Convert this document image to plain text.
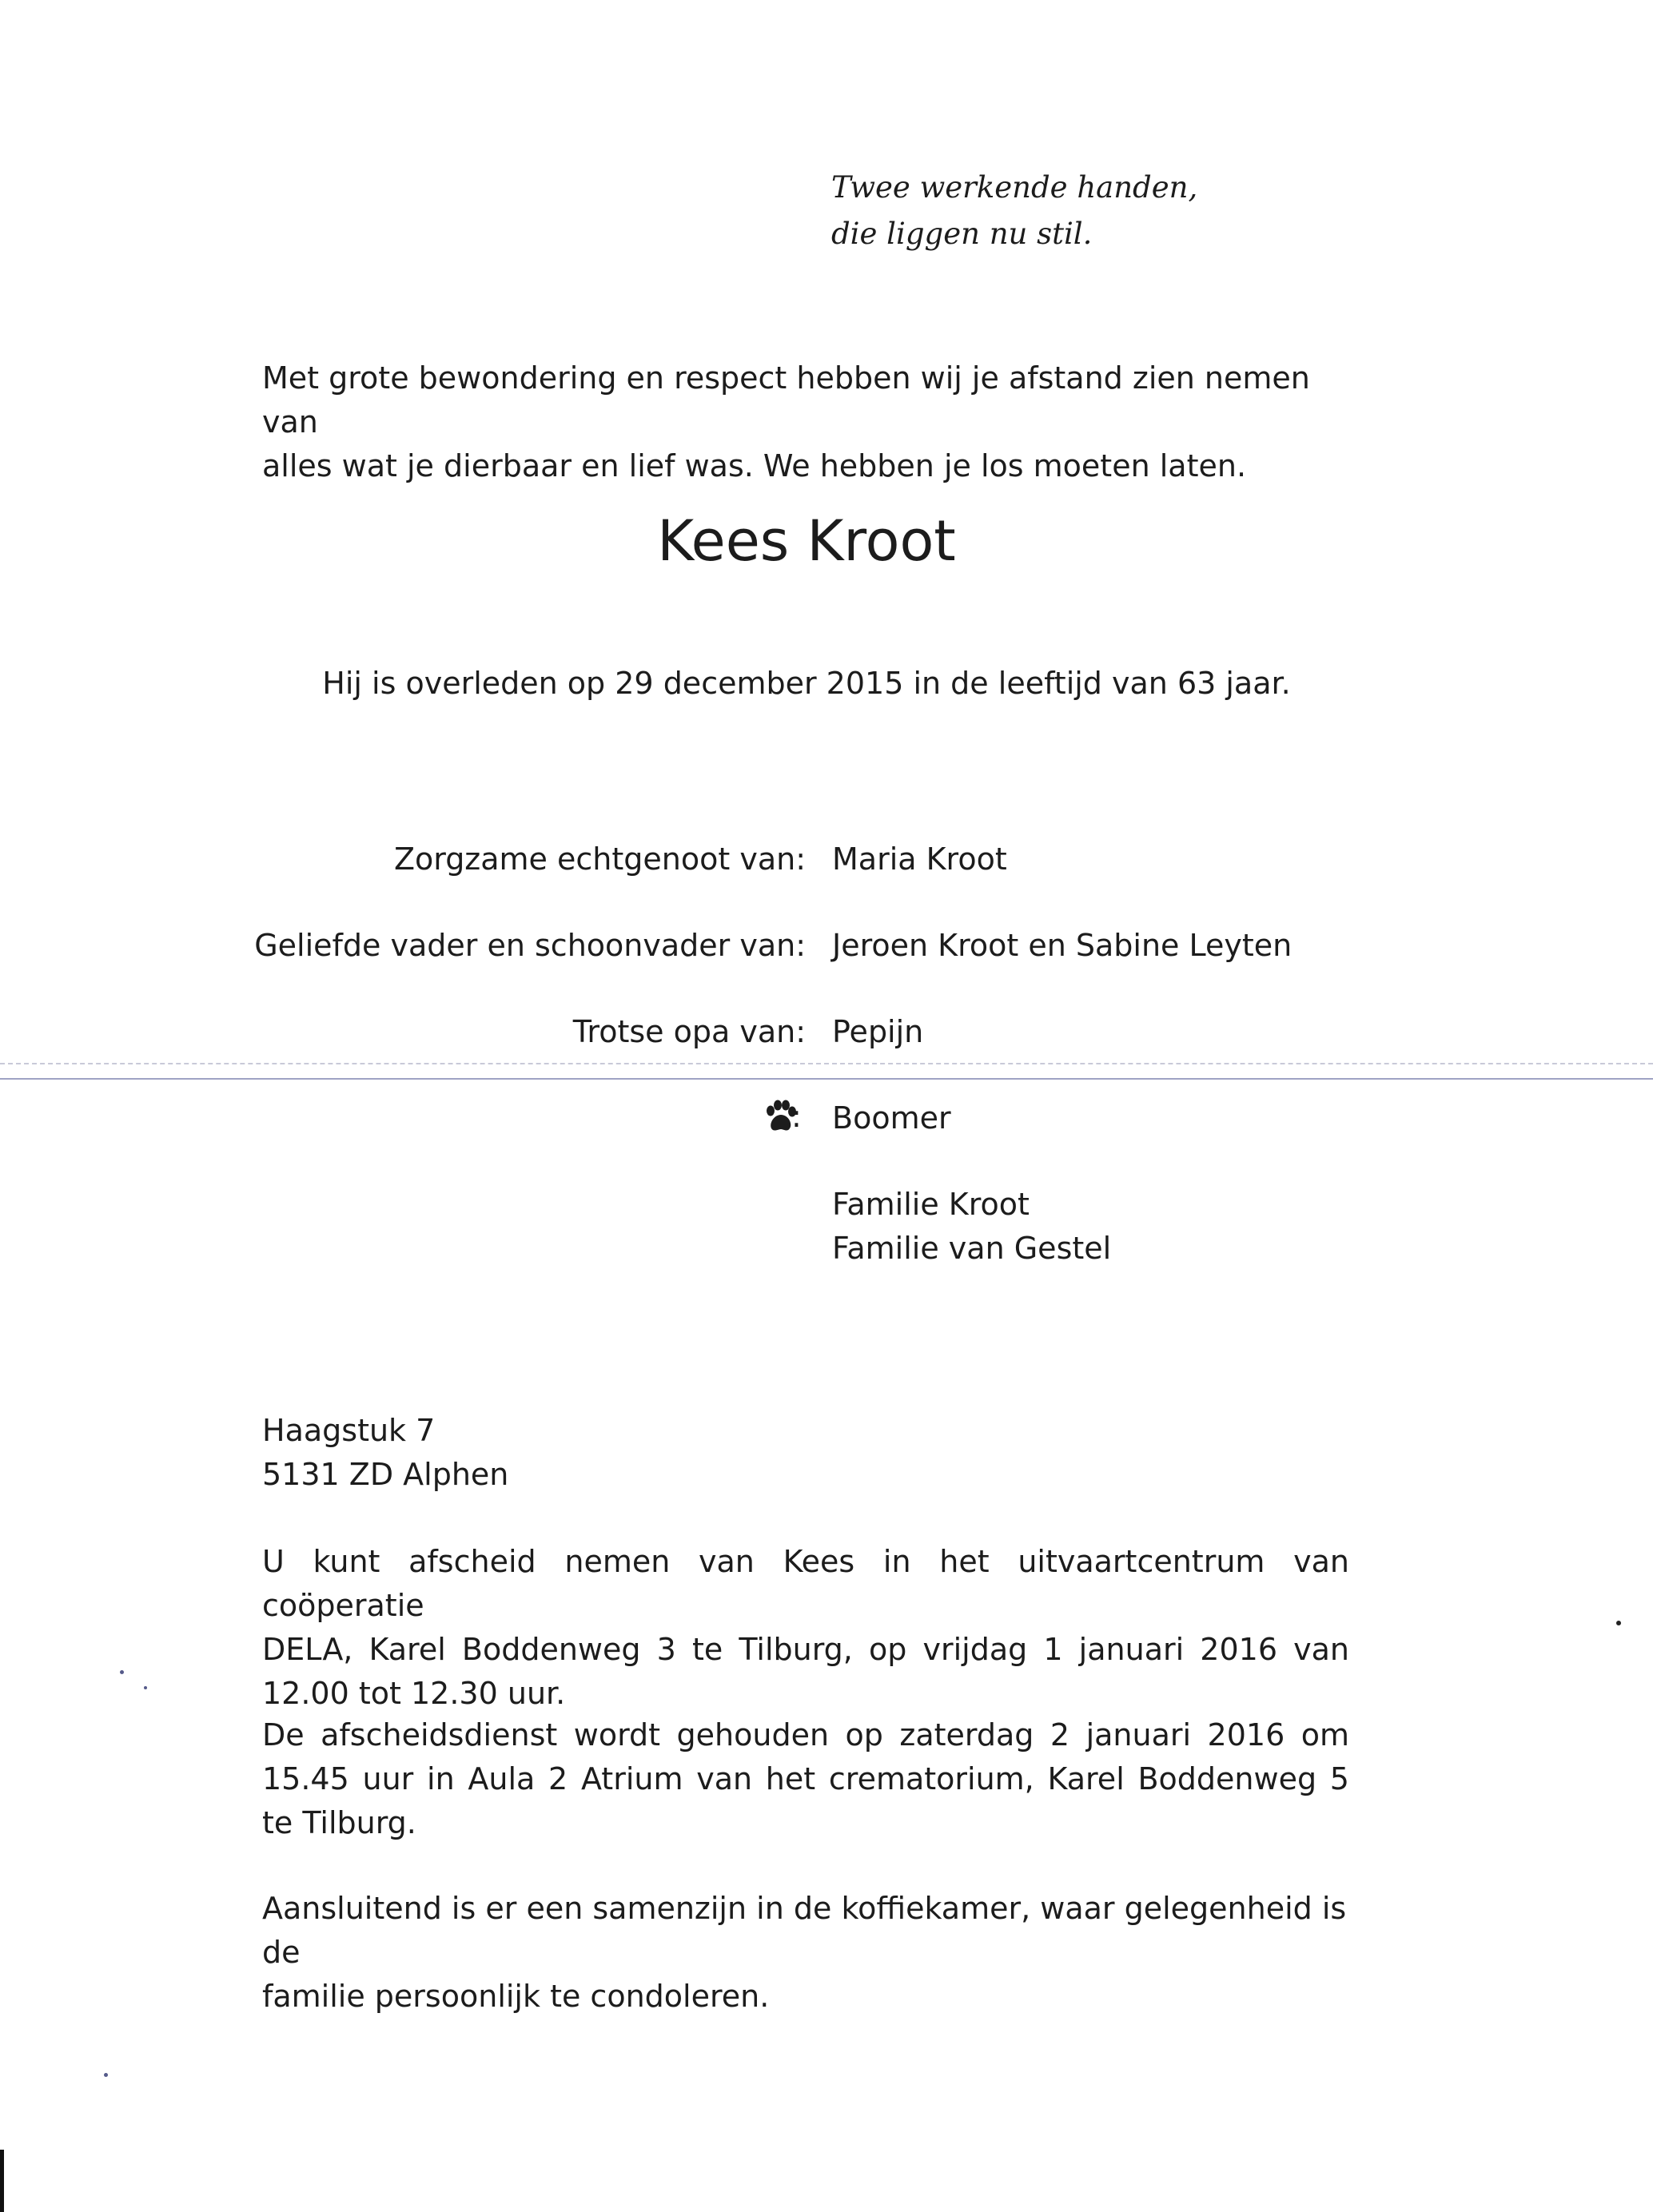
Twee werkende handen,
die liggen nu stil.
Met grote bewondering en respect hebben wij je afstand zien nemen van
alles wat je dierbaar en lief was. We hebben je los moeten laten.
Kees Kroot
Hij is overleden op 29 december 2015 in de leeftijd van 63 jaar.
Zorgzame echtgenoot van: Maria Kroot
Geliefde vader en schoonvader van: Jeroen Kroot en Sabine Leyten
Trotse opa van: Pepijn
: Boomer
Familie Kroot
Familie van Gestel
Haagstuk 7
5131 ZD Alphen
U kunt afscheid nemen van Kees in het uitvaartcentrum van coöperatie
DELA, Karel Boddenweg 3 te Tilburg, op vrijdag 1 januari 2016 van
12.00 tot 12.30 uur.
De afscheidsdienst wordt gehouden op zaterdag 2 januari 2016 om
15.45 uur in Aula 2 Atrium van het crematorium, Karel Boddenweg 5
te Tilburg.
Aansluitend is er een samenzijn in de koffiekamer, waar gelegenheid is de
familie persoonlijk te condoleren.
